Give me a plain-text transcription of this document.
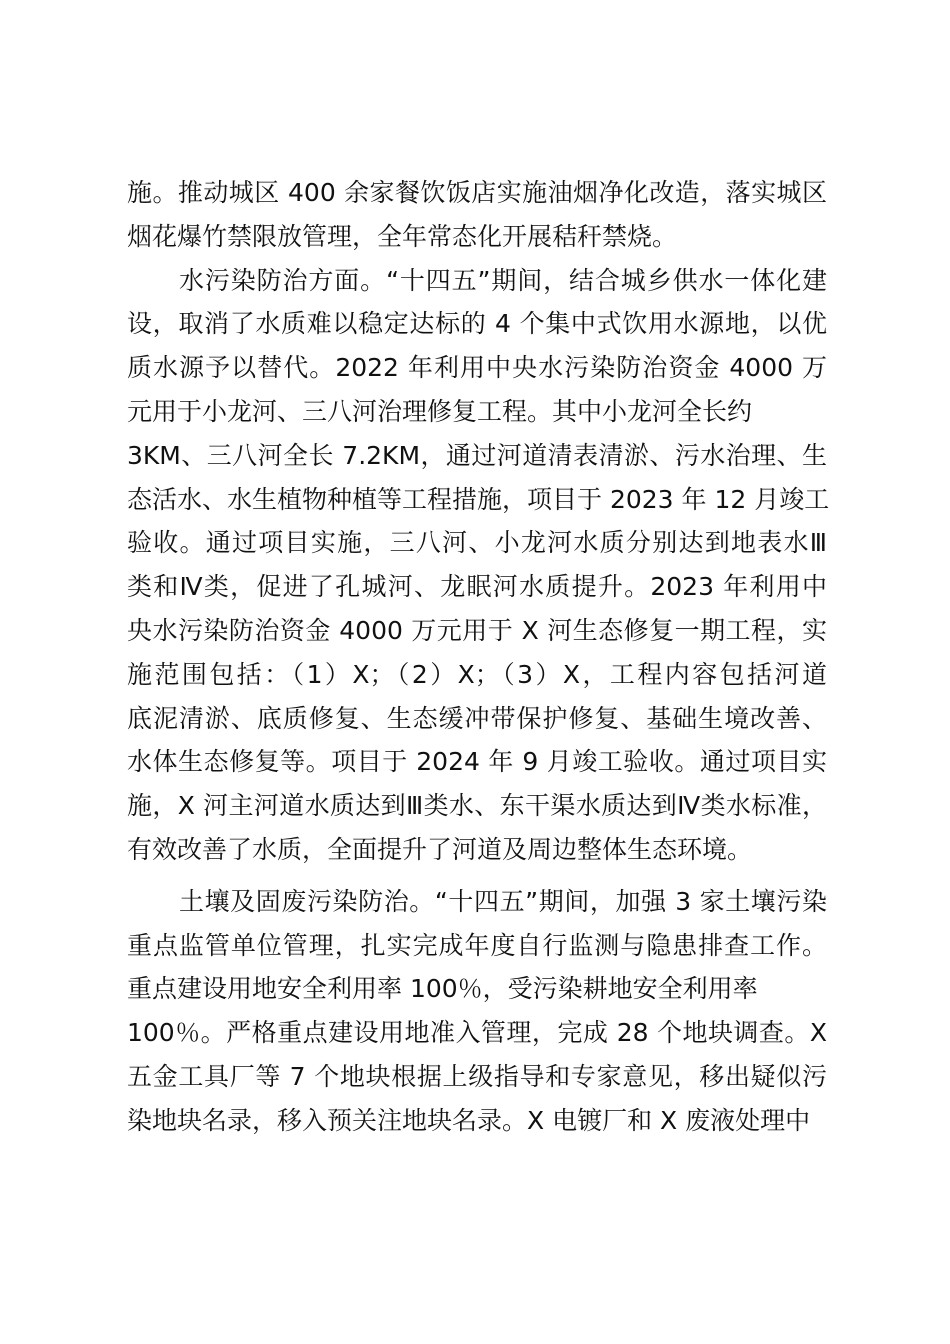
施。推动城区 400 余家餐饮饭店实施油烟净化改造，落实城区
烟花爆竹禁限放管理，全年常态化开展秸秆禁烧。
水污染防治方面。“十四五”期间，结合城乡供水一体化建
设，取消了水质难以稳定达标的 4 个集中式饮用水源地，以优
质水源予以替代。2022 年利用中央水污染防治资金 4000 万
元用于小龙河、三八河治理修复工程。其中小龙河全长约
3KM、三八河全长 7.2KM，通过河道清表清淤、污水治理、生
态活水、水生植物种植等工程措施，项目于 2023 年 12 月竣工
验收。通过项目实施，三八河、小龙河水质分别达到地表水Ⅲ
类和Ⅳ类，促进了孔城河、龙眠河水质提升。2023 年利用中
央水污染防治资金 4000 万元用于 X 河生态修复一期工程，实
施范围包括：（1）X；（2）X；（3）X，工程内容包括河道
底泥清淤、底质修复、生态缓冲带保护修复、基础生境改善、
水体生态修复等。项目于 2024 年 9 月竣工验收。通过项目实
施，X 河主河道水质达到Ⅲ类水、东干渠水质达到Ⅳ类水标准，
有效改善了水质，全面提升了河道及周边整体生态环境。
土壤及固废污染防治。“十四五”期间，加强 3 家土壤污染
重点监管单位管理，扎实完成年度自行监测与隐患排查工作。
重点建设用地安全利用率 100％，受污染耕地安全利用率
100％。严格重点建设用地准入管理，完成 28 个地块调查。X
五金工具厂等 7 个地块根据上级指导和专家意见，移出疑似污
染地块名录，移入预关注地块名录。X 电镀厂和 X 废液处理中
